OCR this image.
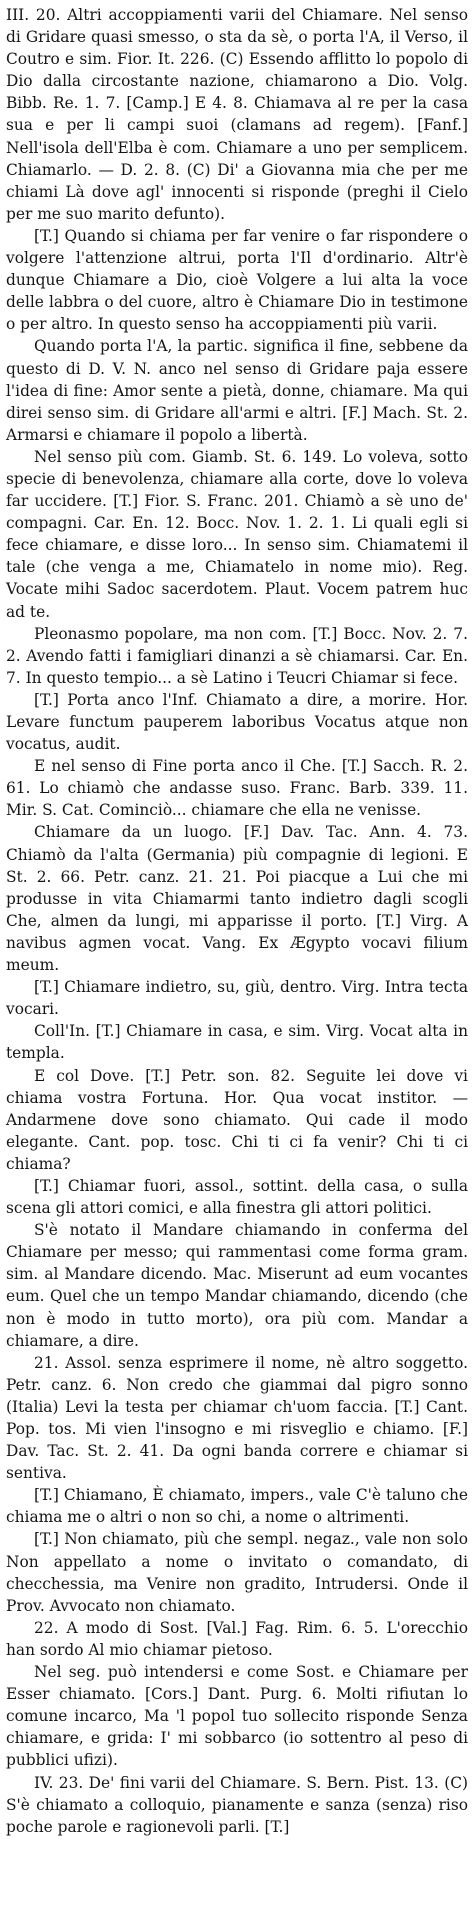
III. 20. Altri accoppiamenti varii del Chiamare. Nel senso di Gridare quasi smesso, o sta da sè, o porta l'A, il Verso, il Coutro e sim. Fior. It. 226. (C) Essendo afflitto lo popolo di Dio dalla circostante nazione, chiamarono a Dio. Volg. Bibb. Re. 1. 7. [Camp.] E 4. 8. Chiamava al re per la casa sua e per li campi suoi (clamans ad regem). [Fanf.] Nell'isola dell'Elba è com. Chiamare a uno per semplicem. Chiamarlo. — D. 2. 8. (C) Di' a Giovanna mia che per me chiami Là dove agl' innocenti si risponde (preghi il Cielo per me suo marito defunto).

[T.] Quando si chiama per far venire o far rispondere o volgere l'attenzione altrui, porta l'Il d'ordinario. Altr'è dunque Chiamare a Dio, cioè Volgere a lui alta la voce delle labbra o del cuore, altro è Chiamare Dio in testimone o per altro. In questo senso ha accoppiamenti più varii.

Quando porta l'A, la partic. significa il fine, sebbene da questo di D. V. N. anco nel senso di Gridare paja essere l'idea di fine: Amor sente a pietà, donne, chiamare. Ma qui direi senso sim. di Gridare all'armi e altri. [F.] Mach. St. 2. Armarsi e chiamare il popolo a libertà.

Nel senso più com. Giamb. St. 6. 149. Lo voleva, sotto specie di benevolenza, chiamare alla corte, dove lo voleva far uccidere. [T.] Fior. S. Franc. 201. Chiamò a sè uno de' compagni. Car. En. 12. Bocc. Nov. 1. 2. 1. Li quali egli si fece chiamare, e disse loro... In senso sim. Chiamatemi il tale (che venga a me, Chiamatelo in nome mio). Reg. Vocate mihi Sadoc sacerdotem. Plaut. Vocem patrem huc ad te.

Pleonasmo popolare, ma non com. [T.] Bocc. Nov. 2. 7. 2. Avendo fatti i famigliari dinanzi a sè chiamarsi. Car. En. 7. In questo tempio... a sè Latino i Teucri Chiamar si fece.

[T.] Porta anco l'Inf. Chiamato a dire, a morire. Hor. Levare functum pauperem laboribus Vocatus atque non vocatus, audit.

E nel senso di Fine porta anco il Che. [T.] Sacch. R. 2. 61. Lo chiamò che andasse suso. Franc. Barb. 339. 11. Mir. S. Cat. Cominciò... chiamare che ella ne venisse.

Chiamare da un luogo. [F.] Dav. Tac. Ann. 4. 73. Chiamò da l'alta (Germania) più compagnie di legioni. E St. 2. 66. Petr. canz. 21. 21. Poi piacque a Lui che mi produsse in vita Chiamarmi tanto indietro dagli scogli Che, almen da lungi, mi apparisse il porto. [T.] Virg. A navibus agmen vocat. Vang. Ex Ægypto vocavi filium meum.

[T.] Chiamare indietro, su, giù, dentro. Virg. Intra tecta vocari.

Coll'In. [T.] Chiamare in casa, e sim. Virg. Vocat alta in templa.

E col Dove. [T.] Petr. son. 82. Seguite lei dove vi chiama vostra Fortuna. Hor. Qua vocat institor. — Andarmene dove sono chiamato. Qui cade il modo elegante. Cant. pop. tosc. Chi ti ci fa venir? Chi ti ci chiama?

[T.] Chiamar fuori, assol., sottint. della casa, o sulla scena gli attori comici, e alla finestra gli attori politici.

S'è notato il Mandare chiamando in conferma del Chiamare per messo; qui rammentasi come forma gram. sim. al Mandare dicendo. Mac. Miserunt ad eum vocantes eum. Quel che un tempo Mandar chiamando, dicendo (che non è modo in tutto morto), ora più com. Mandar a chiamare, a dire.

21. Assol. senza esprimere il nome, nè altro soggetto. Petr. canz. 6. Non credo che giammai dal pigro sonno (Italia) Levi la testa per chiamar ch'uom faccia. [T.] Cant. Pop. tos. Mi vien l'insogno e mi risveglio e chiamo. [F.] Dav. Tac. St. 2. 41. Da ogni banda correre e chiamar si sentiva.

[T.] Chiamano, È chiamato, impers., vale C'è taluno che chiama me o altri o non so chi, a nome o altrimenti.

[T.] Non chiamato, più che sempl. negaz., vale non solo Non appellato a nome o invitato o comandato, di checchessia, ma Venire non gradito, Intrudersi. Onde il Prov. Avvocato non chiamato.

22. A modo di Sost. [Val.] Fag. Rim. 6. 5. L'orecchio han sordo Al mio chiamar pietoso.

Nel seg. può intendersi e come Sost. e Chiamare per Esser chiamato. [Cors.] Dant. Purg. 6. Molti rifiutan lo comune incarco, Ma 'l popol tuo sollecito risponde Senza chiamare, e grida: I' mi sobbarco (io sottentro al peso di pubblici ufizi).

IV. 23. De' fini varii del Chiamare. S. Bern. Pist. 13. (C) S'è chiamato a colloquio, pianamente e sanza (senza) riso poche parole e ragionevoli parli. [T.]
